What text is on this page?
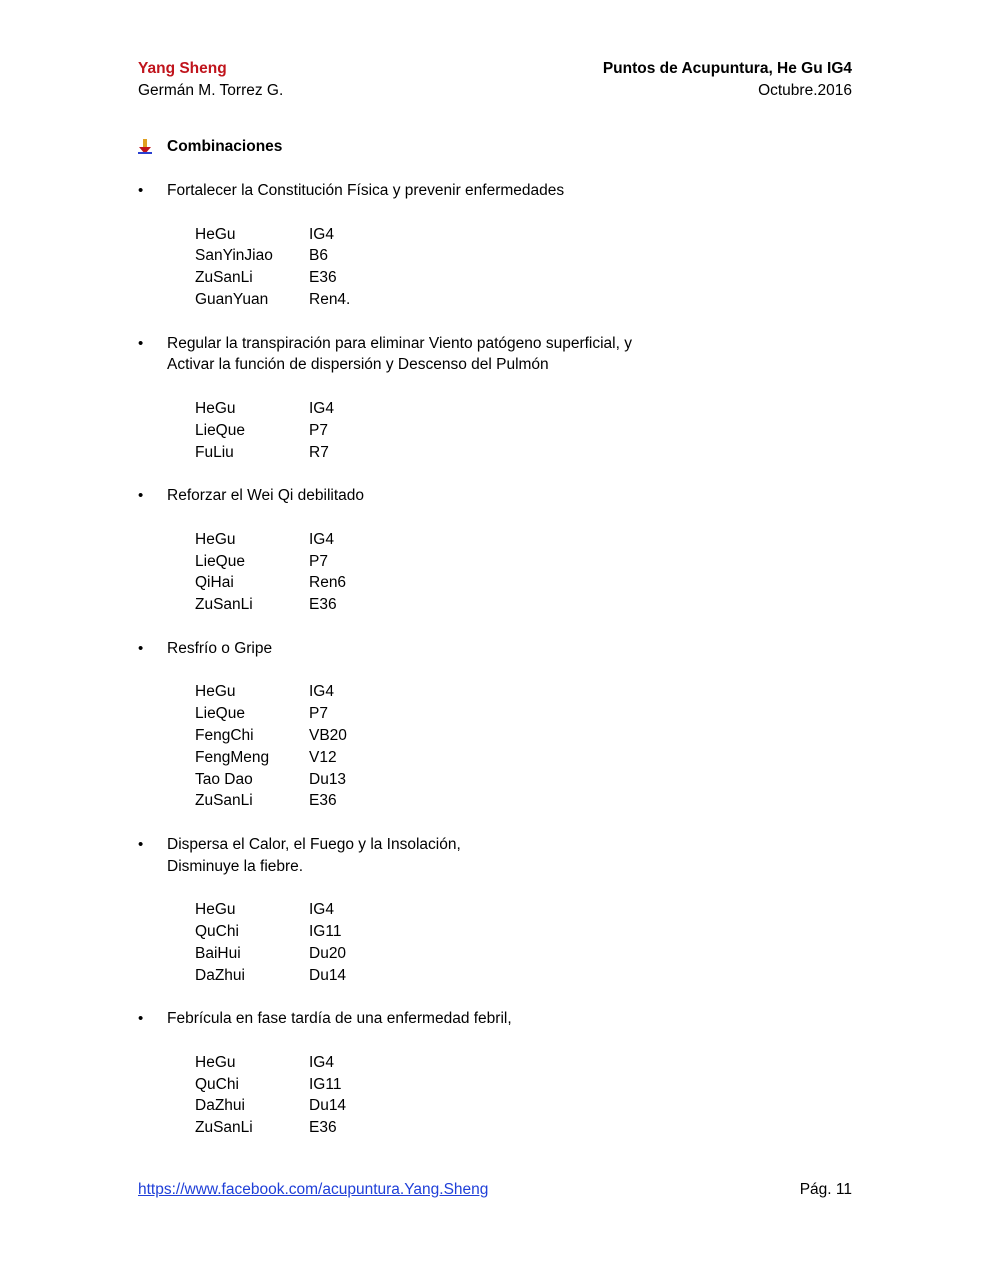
Yang Sheng	Puntos de Acupuntura, He Gu IG4
Germán M. Torrez G.	Octubre.2016
Combinaciones
•	Fortalecer la Constitución Física y prevenir enfermedades
HeGu	IG4
SanYinJiao	B6
ZuSanLi	E36
GuanYuan	Ren4.
•	Regular la transpiración para eliminar Viento patógeno superficial, y
Activar la función de dispersión y Descenso del Pulmón
HeGu	IG4
LieQue	P7
FuLiu	R7
•	Reforzar el Wei Qi debilitado
HeGu	IG4
LieQue	P7
QiHai	Ren6
ZuSanLi	E36
•	Resfrío o Gripe
HeGu	IG4
LieQue	P7
FengChi	VB20
FengMeng	V12
Tao Dao	Du13
ZuSanLi	E36
•	Dispersa el Calor, el Fuego y la Insolación,
Disminuye la fiebre.
HeGu	IG4
QuChi	IG11
BaiHui	Du20
DaZhui	Du14
•	Febrícula en fase tardía de una enfermedad febril,
HeGu	IG4
QuChi	IG11
DaZhui	Du14
ZuSanLi	E36
https://www.facebook.com/acupuntura.Yang.Sheng	Pág. 11
